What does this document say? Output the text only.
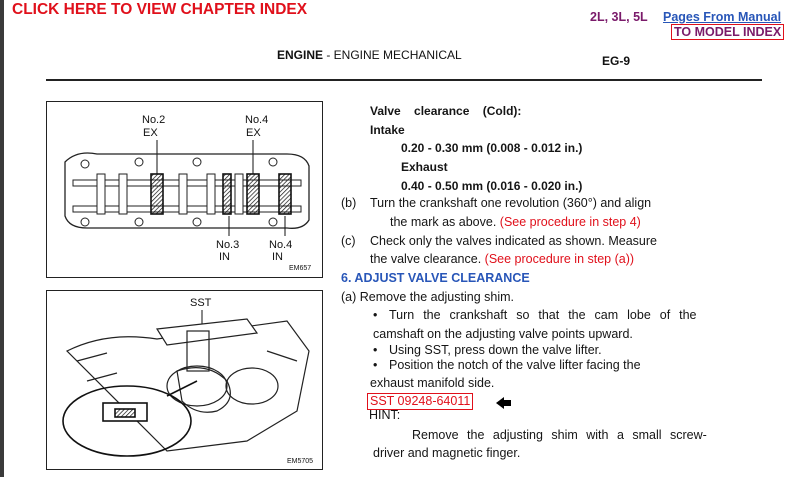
CLICK HERE TO VIEW CHAPTER INDEX	2L, 3L, 5L Pages From Manual
TO MODEL INDEX
ENGINE - ENGINE MECHANICAL	EG-9
No.2
EX
No.4
EX
No.3
IN
No.4
IN
EM657
SST
EM5705
Valve clearance (Cold):
Intake
0.20 - 0.30 mm (0.008 - 0.012 in.)
Exhaust
0.40 - 0.50 mm (0.016 - 0.020 in.)
(b) Turn the crankshaft one revolution (360°) and align
the mark as above. (See procedure in step 4)
(c) Check only the valves indicated as shown. Measure
the valve clearance. (See procedure in step (a))
6. ADJUST VALVE CLEARANCE
(a) Remove the adjusting shim.
• Turn the crankshaft so that the cam lobe of the
camshaft on the adjusting valve points upward.
• Using SST, press down the valve lifter.
• Position the notch of the valve lifter facing the
exhaust manifold side.
SST 09248-64011
HINT:
Remove the adjusting shim with a small screw-
driver and magnetic finger.
